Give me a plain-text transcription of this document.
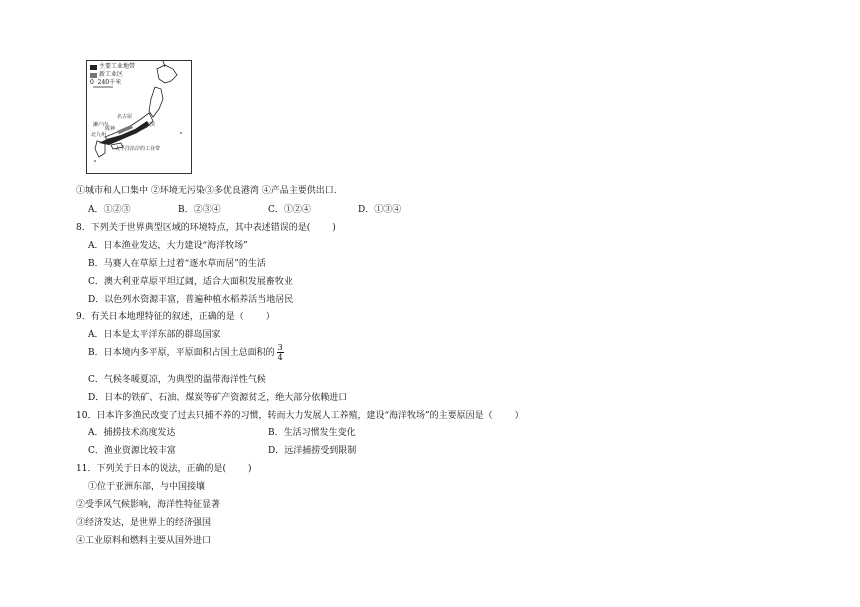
主要工业地带
新工业区
0 240千米
北九州
濑户内
名古屋
阪神
京滨
太平洋沿岸的工业带
①城市和人口集中 ②环境无污染③多优良港湾 ④产品主要供出口.
A．①②③	B．②③④	C．①②④	D．①③④
8．下列关于世界典型区域的环境特点，其中表述错误的是( )
A．日本渔业发达，大力建设“海洋牧场”
B．马赛人在草原上过着“逐水草而居”的生活
C．澳大利亚草原平坦辽阔，适合大面积发展畜牧业
D．以色列水资源丰富，普遍种植水稻养活当地居民
9．有关日本地理特征的叙述，正确的是（ ）
A．日本是太平洋东部的群岛国家
B．日本境内多平原，平原面积占国土总面积的 $\frac{3}{4}$
C．气候冬暖夏凉，为典型的温带海洋性气候
D．日本的铁矿、石油、煤炭等矿产资源贫乏，绝大部分依赖进口
10．日本许多渔民改变了过去只捕不养的习惯，转而大力发展人工养殖，建设“海洋牧场”的主要原因是（ ）
A．捕捞技术高度发达	B．生活习惯发生变化
C．渔业资源比较丰富	D．远洋捕捞受到限制
11．下列关于日本的说法，正确的是( )
①位于亚洲东部，与中国接壤
②受季风气候影响，海洋性特征显著
③经济发达，是世界上的经济强国
④工业原料和燃料主要从国外进口
